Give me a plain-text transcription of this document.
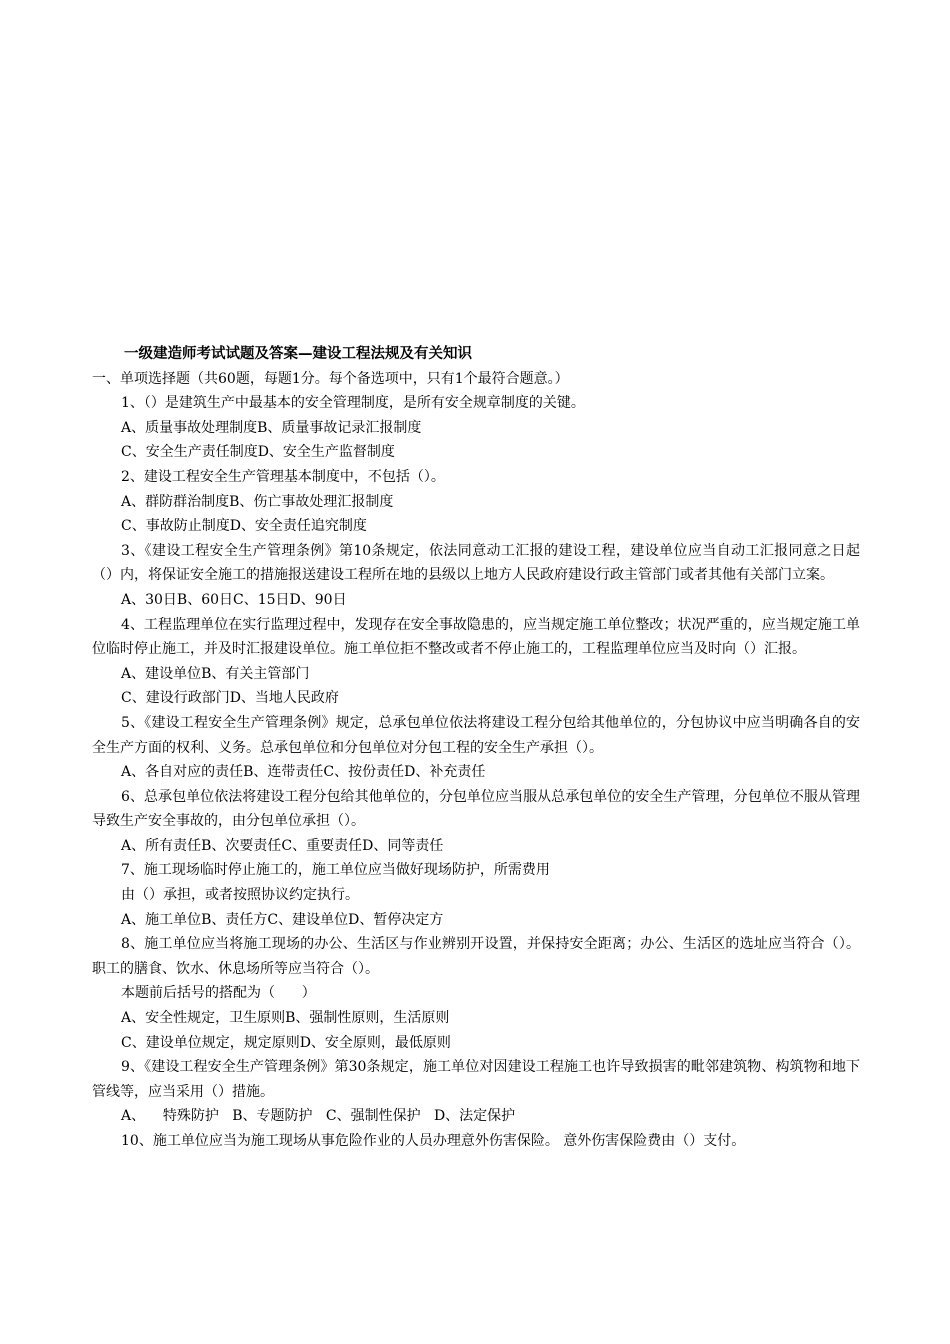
一级建造师考试试题及答案—建设工程法规及有关知识
一、单项选择题（共60题，每题1分。每个备选项中，只有1个最符合题意。）
1、（）是建筑生产中最基本的安全管理制度，是所有安全规章制度的关键。
A、质量事故处理制度B、质量事故记录汇报制度
C、安全生产责任制度D、安全生产监督制度
2、建设工程安全生产管理基本制度中，不包括（）。
A、群防群治制度B、伤亡事故处理汇报制度
C、事故防止制度D、安全责任追究制度
3、《建设工程安全生产管理条例》第10条规定，依法同意动工汇报的建设工程，建设单位应当自动工汇报同意之日起（）内，将保证安全施工的措施报送建设工程所在地的县级以上地方人民政府建设行政主管部门或者其他有关部门立案。
A、30日B、60日C、15日D、90日
4、工程监理单位在实行监理过程中，发现存在安全事故隐患的，应当规定施工单位整改；状况严重的，应当规定施工单位临时停止施工，并及时汇报建设单位。施工单位拒不整改或者不停止施工的，工程监理单位应当及时向（）汇报。
A、建设单位B、有关主管部门
C、建设行政部门D、当地人民政府
5、《建设工程安全生产管理条例》规定，总承包单位依法将建设工程分包给其他单位的，分包协议中应当明确各自的安全生产方面的权利、义务。总承包单位和分包单位对分包工程的安全生产承担（）。
A、各自对应的责任B、连带责任C、按份责任D、补充责任
6、总承包单位依法将建设工程分包给其他单位的，分包单位应当服从总承包单位的安全生产管理，分包单位不服从管理导致生产安全事故的，由分包单位承担（）。
A、所有责任B、次要责任C、重要责任D、同等责任
7、施工现场临时停止施工的，施工单位应当做好现场防护，所需费用
由（）承担，或者按照协议约定执行。
A、施工单位B、责任方C、建设单位D、暂停决定方
8、施工单位应当将施工现场的办公、生活区与作业辨别开设置，并保持安全距离；办公、生活区的选址应当符合（）。职工的膳食、饮水、休息场所等应当符合（）。
本题前后括号的搭配为（      ）
A、安全性规定，卫生原则B、强制性原则，生活原则
C、建设单位规定，规定原则D、安全原则，最低原则
9、《建设工程安全生产管理条例》第30条规定，施工单位对因建设工程施工也许导致损害的毗邻建筑物、构筑物和地下管线等，应当采用（）措施。
A、    特殊防护   B、专题防护   C、强制性保护   D、法定保护
10、施工单位应当为施工现场从事危险作业的人员办理意外伤害保险。 意外伤害保险费由（）支付。
